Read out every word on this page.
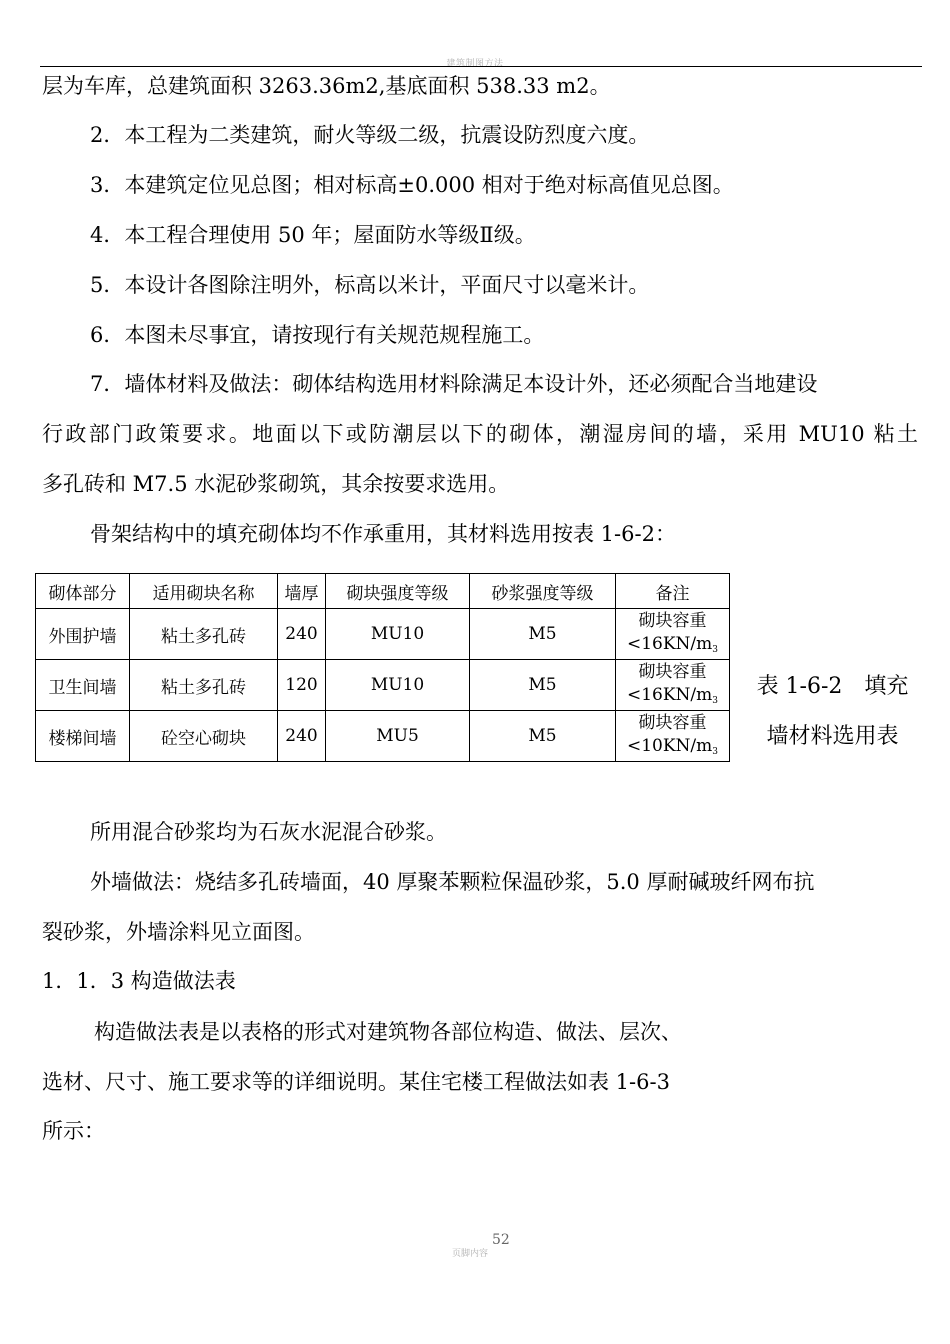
建筑制图方法
层为车库，总建筑面积 3263.36m2,基底面积 538.33 m2。
2．本工程为二类建筑，耐火等级二级，抗震设防烈度六度。
3．本建筑定位见总图；相对标高±0.000 相对于绝对标高值见总图。
4．本工程合理使用 50 年；屋面防水等级Ⅱ级。
5．本设计各图除注明外，标高以米计，平面尺寸以毫米计。
6．本图未尽事宜，请按现行有关规范规程施工。
7．墙体材料及做法：砌体结构选用材料除满足本设计外，还必须配合当地建设
行政部门政策要求。地面以下或防潮层以下的砌体，潮湿房间的墙，采用 MU10 粘土
多孔砖和 M7.5 水泥砂浆砌筑，其余按要求选用。
骨架结构中的填充砌体均不作承重用，其材料选用按表 1-6-2：
砌体部分	适用砌块名称	墙厚	砌块强度等级	砂浆强度等级	备注
外围护墙	粘土多孔砖	240	MU10	M5	砌块容重
$<16KN/m_3$
卫生间墙	粘土多孔砖	120	MU10	M5	砌块容重
$<16KN/m_3$
楼梯间墙	砼空心砌块	240	MU5	M5	砌块容重
$<10KN/m_3$
表 1-6-2　填充
墙材料选用表
所用混合砂浆均为石灰水泥混合砂浆。
外墙做法：烧结多孔砖墙面，40 厚聚苯颗粒保温砂浆，5.0 厚耐碱玻纤网布抗
裂砂浆，外墙涂料见立面图。
1．1．3 构造做法表
构造做法表是以表格的形式对建筑物各部位构造、做法、层次、
选材、尺寸、施工要求等的详细说明。某住宅楼工程做法如表 1-6-3
所示：
52
页脚内容
